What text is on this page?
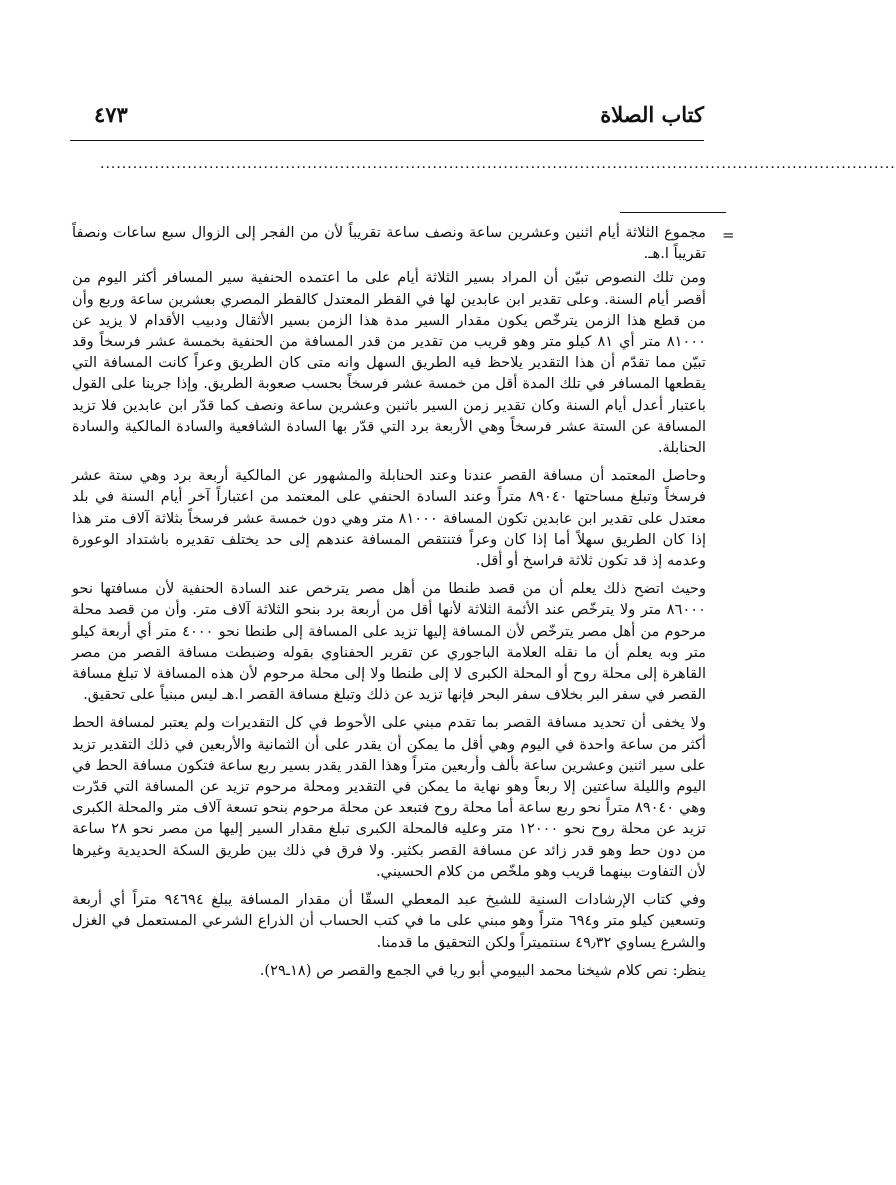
كتاب الصلاة
٤٧٣
..................................................................................................................................................
=

مجموع الثلاثة أيام اثنين وعشرين ساعة ونصف ساعة تقريباً لأن من الفجر إلى الزوال سبع ساعات ونصفاً تقريباً ا.هـ.

ومن تلك النصوص تبيّن أن المراد بسير الثلاثة أيام على ما اعتمده الحنفية سير المسافر أكثر اليوم من أقصر أيام السنة. وعلى تقدير ابن عابدين لها في القطر المعتدل كالقطر المصري بعشرين ساعة وربع وأن من قطع هذا الزمن يترخّص يكون مقدار السير مدة هذا الزمن بسير الأثقال ودبيب الأقدام لا يزيد عن ٨١٠٠٠ متر أي ٨١ كيلو متر وهو قريب من تقدير من قدر المسافة من الحنفية بخمسة عشر فرسخاً وقد تبيّن مما تقدّم أن هذا التقدير يلاحظ فيه الطريق السهل وانه متى كان الطريق وعراً كانت المسافة التي يقطعها المسافر في تلك المدة أقل من خمسة عشر فرسخاً بحسب صعوبة الطريق. وإذا جرينا على القول باعتبار أعدل أيام السنة وكان تقدير زمن السير باثنين وعشرين ساعة ونصف كما قدّر ابن عابدين فلا تزيد المسافة عن الستة عشر فرسخاً وهي الأربعة برد التي قدّر بها السادة الشافعية والسادة المالكية والسادة الحنابلة.

وحاصل المعتمد أن مسافة القصر عندنا وعند الحنابلة والمشهور عن المالكية أربعة برد وهي ستة عشر فرسخاً وتبلغ مساحتها ٨٩٠٤٠ متراً وعند السادة الحنفي على المعتمد من اعتباراً آخر أيام السنة في بلد معتدل على تقدير ابن عابدين تكون المسافة ٨١٠٠٠ متر وهي دون خمسة عشر فرسخاً بثلاثة آلاف متر هذا إذا كان الطريق سهلاً أما إذا كان وعراً فتنتقص المسافة عندهم إلى حد يختلف تقديره باشتداد الوعورة وعدمه إذ قد تكون ثلاثة فراسخ أو أقل.

وحيث اتضح ذلك يعلم أن من قصد طنطا من أهل مصر يترخص عند السادة الحنفية لأن مسافتها نحو ٨٦٠٠٠ متر ولا يترخّص عند الأئمة الثلاثة لأنها أقل من أربعة برد بنحو الثلاثة آلاف متر. وأن من قصد محلة مرحوم من أهل مصر يترخّص لأن المسافة إليها تزيد على المسافة إلى طنطا نحو ٤٠٠٠ متر أي أربعة كيلو متر وبه يعلم أن ما نقله العلامة الباجوري عن تقرير الحفناوي بقوله وضبطت مسافة القصر من مصر القاهرة إلى محلة روح أو المحلة الكبرى لا إلى طنطا ولا إلى محلة مرحوم لأن هذه المسافة لا تبلغ مسافة القصر في سفر البر بخلاف سفر البحر فإنها تزيد عن ذلك وتبلغ مسافة القصر ا.هـ ليس مبنياً على تحقيق.

ولا يخفى أن تحديد مسافة القصر بما تقدم مبني على الأحوط في كل التقديرات ولم يعتبر لمسافة الحط أكثر من ساعة واحدة في اليوم وهي أقل ما يمكن أن يقدر على أن الثمانية والأربعين في ذلك التقدير تزيد على سير اثنين وعشرين ساعة بألف وأربعين متراً وهذا القدر يقدر بسير ربع ساعة فتكون مسافة الحط في اليوم والليلة ساعتين إلا ربعاً وهو نهاية ما يمكن في التقدير ومحلة مرحوم تزيد عن المسافة التي قدّرت وهي ٨٩٠٤٠ متراً نحو ربع ساعة أما محلة روح فتبعد عن محلة مرحوم بنحو تسعة آلاف متر والمحلة الكبرى تزيد عن محلة روح نحو ١٢٠٠٠ متر وعليه فالمحلة الكبرى تبلغ مقدار السير إليها من مصر نحو ٢٨ ساعة من دون حط وهو قدر زائد عن مسافة القصر بكثير. ولا فرق في ذلك بين طريق السكة الحديدية وغيرها لأن التفاوت بينهما قريب وهو ملخّص من كلام الحسيني.

وفي كتاب الإرشادات السنية للشيخ عبد المعطي السقّا أن مقدار المسافة يبلغ ٩٤٦٩٤ متراً أي أربعة وتسعين كيلو متر و٦٩٤ متراً وهو مبني على ما في كتب الحساب أن الذراع الشرعي المستعمل في الغزل والشرع يساوي ٤٩٫٣٢ سنتميتراً ولكن التحقيق ما قدمنا.

ينظر: نص كلام شيخنا محمد البيومي أبو ريا في الجمع والقصر ص (١٨ـ٢٩).
